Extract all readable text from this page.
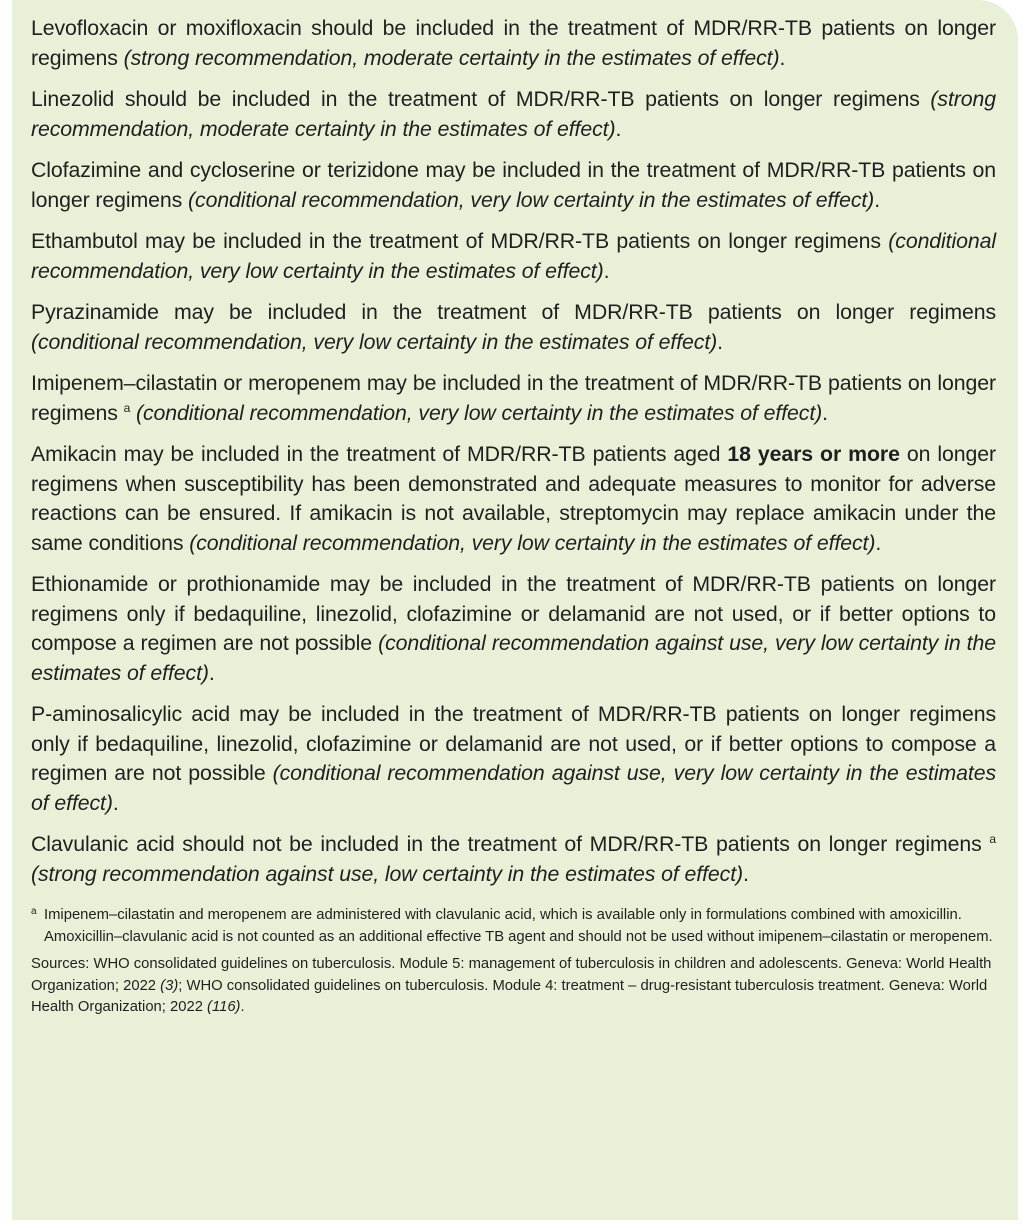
Levofloxacin or moxifloxacin should be included in the treatment of MDR/RR-TB patients on longer regimens (strong recommendation, moderate certainty in the estimates of effect).

Linezolid should be included in the treatment of MDR/RR-TB patients on longer regimens (strong recommendation, moderate certainty in the estimates of effect).

Clofazimine and cycloserine or terizidone may be included in the treatment of MDR/RR-TB patients on longer regimens (conditional recommendation, very low certainty in the estimates of effect).

Ethambutol may be included in the treatment of MDR/RR-TB patients on longer regimens (conditional recommendation, very low certainty in the estimates of effect).

Pyrazinamide may be included in the treatment of MDR/RR-TB patients on longer regimens (conditional recommendation, very low certainty in the estimates of effect).

Imipenem–cilastatin or meropenem may be included in the treatment of MDR/RR-TB patients on longer regimens $^a$ (conditional recommendation, very low certainty in the estimates of effect).

Amikacin may be included in the treatment of MDR/RR-TB patients aged 18 years or more on longer regimens when susceptibility has been demonstrated and adequate measures to monitor for adverse reactions can be ensured. If amikacin is not available, streptomycin may replace amikacin under the same conditions (conditional recommendation, very low certainty in the estimates of effect).

Ethionamide or prothionamide may be included in the treatment of MDR/RR-TB patients on longer regimens only if bedaquiline, linezolid, clofazimine or delamanid are not used, or if better options to compose a regimen are not possible (conditional recommendation against use, very low certainty in the estimates of effect).

P-aminosalicylic acid may be included in the treatment of MDR/RR-TB patients on longer regimens only if bedaquiline, linezolid, clofazimine or delamanid are not used, or if better options to compose a regimen are not possible (conditional recommendation against use, very low certainty in the estimates of effect).

Clavulanic acid should not be included in the treatment of MDR/RR-TB patients on longer regimens $^a$ (strong recommendation against use, low certainty in the estimates of effect).

a Imipenem–cilastatin and meropenem are administered with clavulanic acid, which is available only in formulations combined with amoxicillin. Amoxicillin–clavulanic acid is not counted as an additional effective TB agent and should not be used without imipenem–cilastatin or meropenem.

Sources: WHO consolidated guidelines on tuberculosis. Module 5: management of tuberculosis in children and adolescents. Geneva: World Health Organization; 2022 (3); WHO consolidated guidelines on tuberculosis. Module 4: treatment – drug-resistant tuberculosis treatment. Geneva: World Health Organization; 2022 (116).
